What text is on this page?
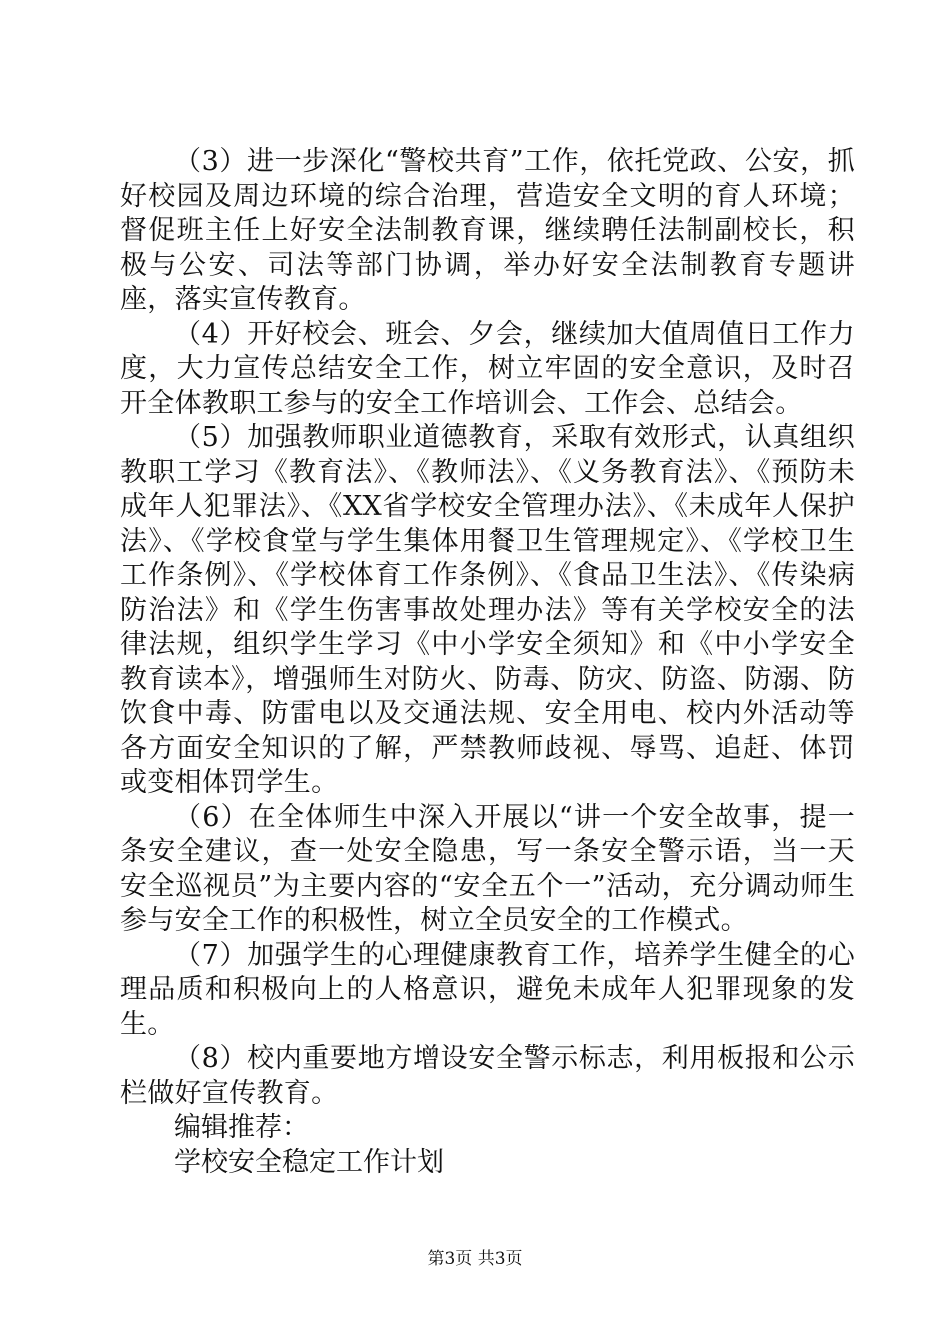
（3）进一步深化“警校共育”工作，依托党政、公安，抓好校园及周边环境的综合治理，营造安全文明的育人环境；督促班主任上好安全法制教育课，继续聘任法制副校长，积极与公安、司法等部门协调，举办好安全法制教育专题讲座，落实宣传教育。

（4）开好校会、班会、夕会，继续加大值周值日工作力度，大力宣传总结安全工作，树立牢固的安全意识，及时召开全体教职工参与的安全工作培训会、工作会、总结会。

（5）加强教师职业道德教育，采取有效形式，认真组织教职工学习《教育法》、《教师法》、《义务教育法》、《预防未成年人犯罪法》、《XX省学校安全管理办法》、《未成年人保护法》、《学校食堂与学生集体用餐卫生管理规定》、《学校卫生工作条例》、《学校体育工作条例》、《食品卫生法》、《传染病防治法》和《学生伤害事故处理办法》等有关学校安全的法律法规，组织学生学习《中小学安全须知》和《中小学安全教育读本》，增强师生对防火、防毒、防灾、防盗、防溺、防饮食中毒、防雷电以及交通法规、安全用电、校内外活动等各方面安全知识的了解，严禁教师歧视、辱骂、追赶、体罚或变相体罚学生。

（6）在全体师生中深入开展以“讲一个安全故事，提一条安全建议，查一处安全隐患，写一条安全警示语，当一天安全巡视员”为主要内容的“安全五个一”活动，充分调动师生参与安全工作的积极性，树立全员安全的工作模式。

（7）加强学生的心理健康教育工作，培养学生健全的心理品质和积极向上的人格意识，避免未成年人犯罪现象的发生。

（8）校内重要地方增设安全警示标志，利用板报和公示栏做好宣传教育。

编辑推荐：

学校安全稳定工作计划

第3页 共3页
